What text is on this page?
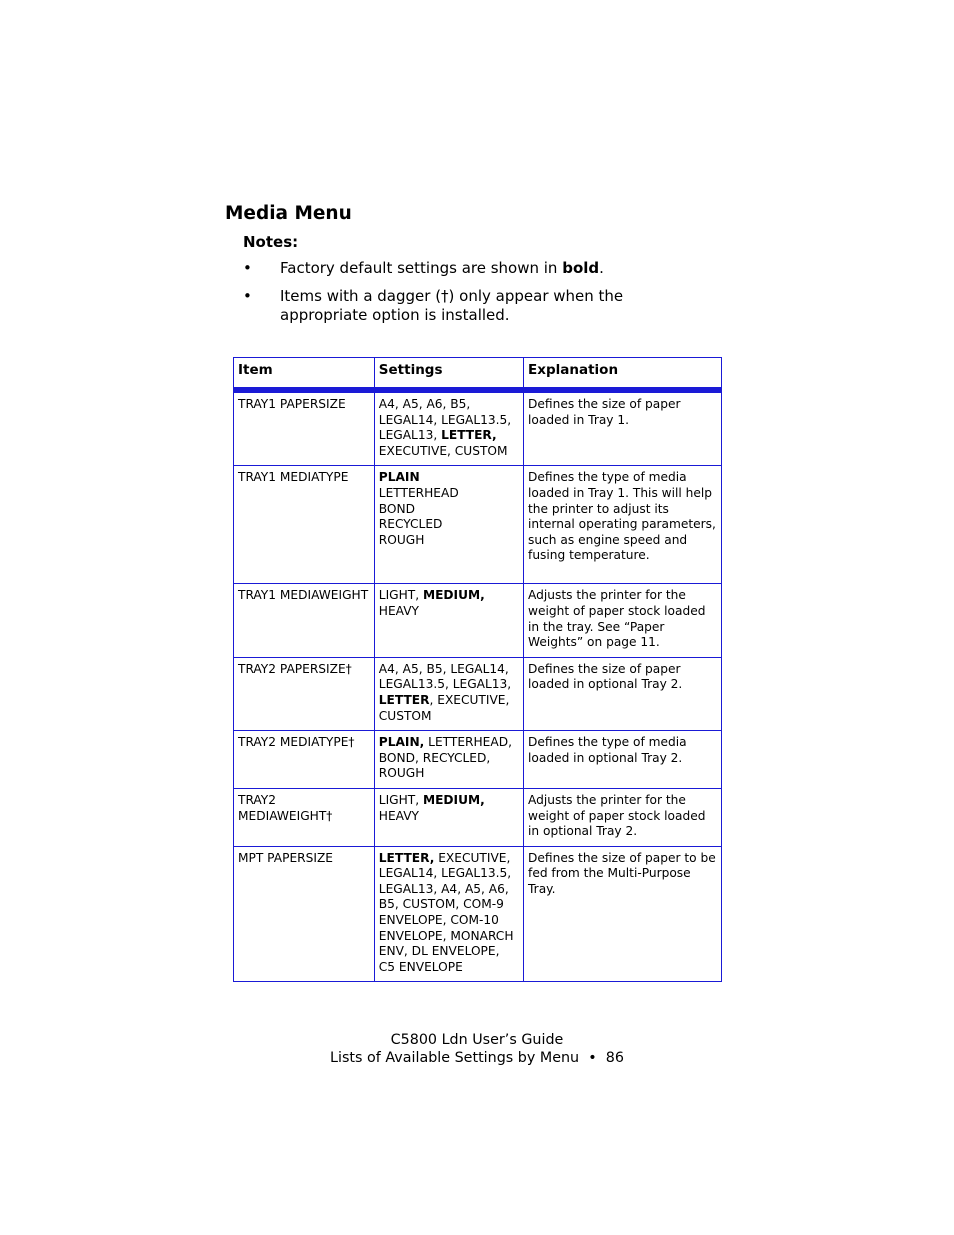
Media Menu
Notes:
•	Factory default settings are shown in bold.
•	Items with a dagger (†) only appear when the appropriate option is installed.
Item	Settings	Explanation
TRAY1 PAPERSIZE	A4, A5, A6, B5, LEGAL14, LEGAL13.5, LEGAL13, LETTER, EXECUTIVE, CUSTOM	Defines the size of paper loaded in Tray 1.
TRAY1 MEDIATYPE	PLAIN
LETTERHEAD
BOND
RECYCLED
ROUGH	Defines the type of media loaded in Tray 1. This will help the printer to adjust its internal operating parameters, such as engine speed and fusing temperature.
TRAY1 MEDIAWEIGHT	LIGHT, MEDIUM, HEAVY	Adjusts the printer for the weight of paper stock loaded in the tray. See “Paper Weights” on page 11.
TRAY2 PAPERSIZE†	A4, A5, B5, LEGAL14, LEGAL13.5, LEGAL13, LETTER, EXECUTIVE, CUSTOM	Defines the size of paper loaded in optional Tray 2.
TRAY2 MEDIATYPE†	PLAIN, LETTERHEAD, BOND, RECYCLED, ROUGH	Defines the type of media loaded in optional Tray 2.
TRAY2 MEDIAWEIGHT†	LIGHT, MEDIUM, HEAVY	Adjusts the printer for the weight of paper stock loaded in optional Tray 2.
MPT PAPERSIZE	LETTER, EXECUTIVE, LEGAL14, LEGAL13.5, LEGAL13, A4, A5, A6, B5, CUSTOM, COM-9 ENVELOPE, COM-10 ENVELOPE, MONARCH ENV, DL ENVELOPE, C5 ENVELOPE	Defines the size of paper to be fed from the Multi-Purpose Tray.
C5800 Ldn User’s Guide
Lists of Available Settings by Menu • 86
